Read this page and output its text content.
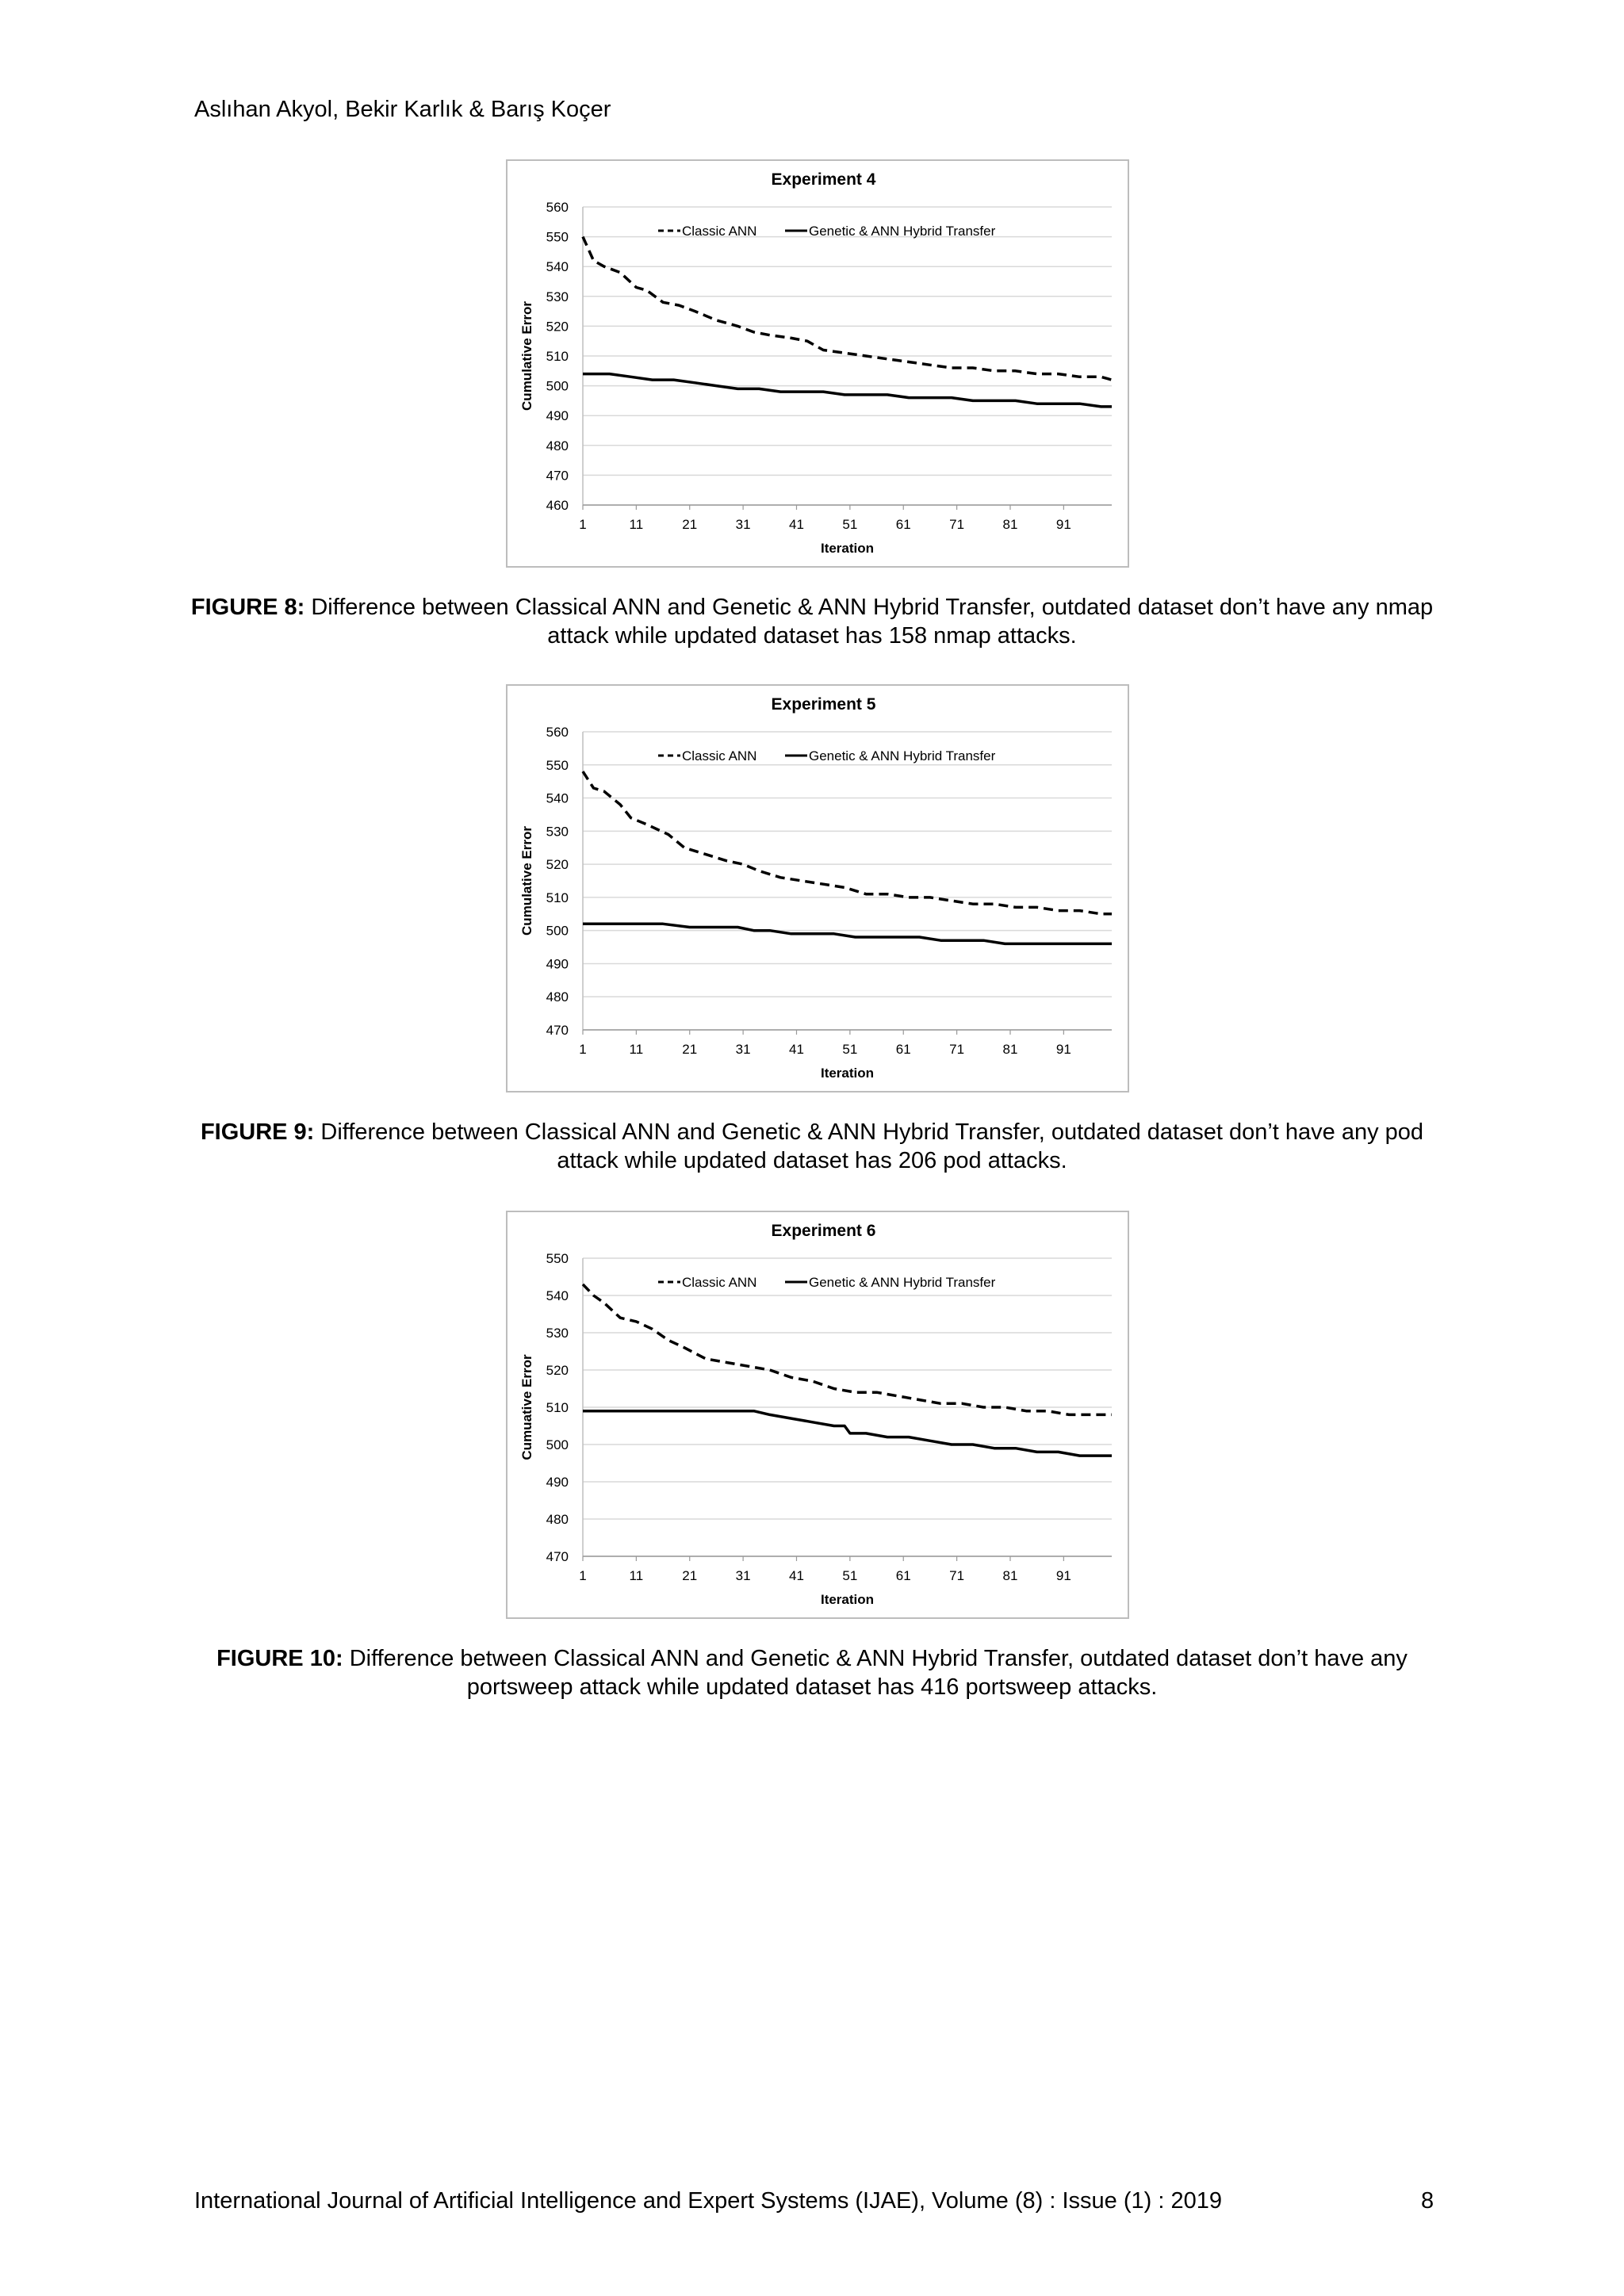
Aslıhan Akyol, Bekir Karlık & Barış Koçer
Experiment 4
460
470
480
490
500
510
520
530
540
550
560
1	11	21	31	41	51	61	71	81	91
Iteration
Cumulative Error
Classic ANN	Genetic & ANN Hybrid Transfer
FIGURE 8: Difference between Classical ANN and Genetic & ANN Hybrid Transfer, outdated dataset don’t have any nmap attack while updated dataset has 158 nmap attacks.
Experiment 5
470
480
490
500
510
520
530
540
550
560
1	11	21	31	41	51	61	71	81	91
Iteration
Cumulative Error
Classic ANN	Genetic & ANN Hybrid Transfer
FIGURE 9: Difference between Classical ANN and Genetic & ANN Hybrid Transfer, outdated dataset don’t have any pod attack while updated dataset has 206 pod attacks.
Experiment 6
470
480
490
500
510
520
530
540
550
1	11	21	31	41	51	61	71	81	91
Iteration
Cumuative Error
Classic ANN	Genetic & ANN Hybrid Transfer
FIGURE 10: Difference between Classical ANN and Genetic & ANN Hybrid Transfer, outdated dataset don’t have any portsweep attack while updated dataset has 416 portsweep attacks.
International Journal of Artificial Intelligence and Expert Systems (IJAE), Volume (8) : Issue (1) : 2019	8
